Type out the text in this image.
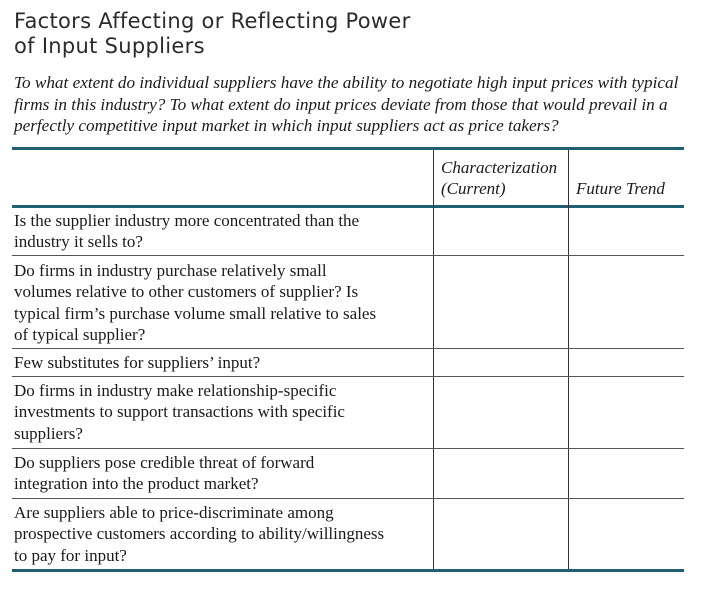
Factors Affecting or Reflecting Power
of Input Suppliers

To what extent do individual suppliers have the ability to negotiate high input prices with typical
firms in this industry? To what extent do input prices deviate from those that would prevail in a
perfectly competitive input market in which input suppliers act as price takers?

Characterization
(Current)	Future Trend
Is the supplier industry more concentrated than the
industry it sells to?
Do firms in industry purchase relatively small
volumes relative to other customers of supplier? Is
typical firm’s purchase volume small relative to sales
of typical supplier?
Few substitutes for suppliers’ input?
Do firms in industry make relationship-specific
investments to support transactions with specific
suppliers?
Do suppliers pose credible threat of forward
integration into the product market?
Are suppliers able to price-discriminate among
prospective customers according to ability/willingness
to pay for input?
